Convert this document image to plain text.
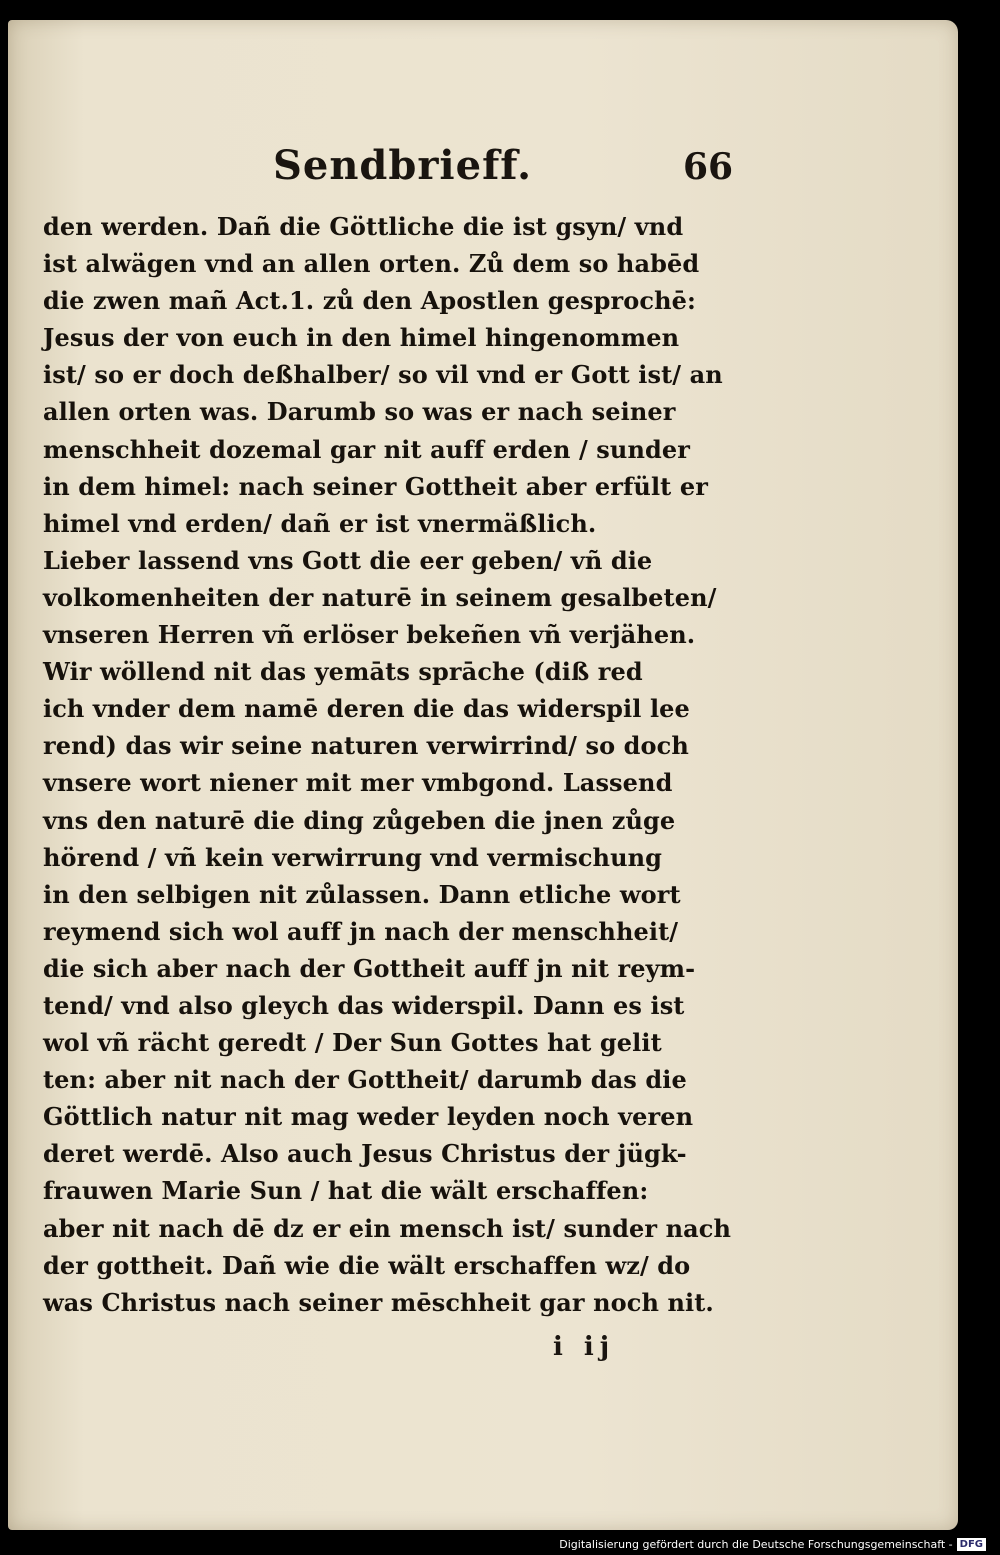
Sendbrieff.	66
den werden. Dañ die Göttliche die ist gsyn/ vnd
ist alwägen vnd an allen orten. Zů dem so habēd
die zwen mañ Act.1. zů den Apostlen gesprochē:
Jesus der von euch in den himel hingenommen
ist/ so er doch deßhalber/ so vil vnd er Gott ist/ an
allen orten was. Darumb so was er nach seiner
menschheit dozemal gar nit auff erden / sunder
in dem himel: nach seiner Gottheit aber erfült er
himel vnd erden/ dañ er ist vnermäßlich.
Lieber lassend vns Gott die eer geben/ vñ die
volkomenheiten der naturē in seinem gesalbeten/
vnseren Herren vñ erlöser bekeñen vñ verjähen.
Wir wöllend nit das yemāts sprāche (diß red
ich vnder dem namē deren die das widerspil lee
rend) das wir seine naturen verwirrind/ so doch
vnsere wort niener mit mer vmbgond. Lassend
vns den naturē die ding zůgeben die jnen zůge
hörend / vñ kein verwirrung vnd vermischung
in den selbigen nit zůlassen. Dann etliche wort
reymend sich wol auff jn nach der menschheit/
die sich aber nach der Gottheit auff jn nit reym-
tend/ vnd also gleych das widerspil. Dann es ist
wol vñ rächt geredt / Der Sun Gottes hat gelit
ten: aber nit nach der Gottheit/ darumb das die
Göttlich natur nit mag weder leyden noch veren
deret werdē. Also auch Jesus Christus der jügk-
frauwen Marie Sun / hat die wält erschaffen:
aber nit nach dē dz er ein mensch ist/ sunder nach
der gottheit. Dañ wie die wält erschaffen wz/ do
was Christus nach seiner mēschheit gar noch nit.
i ij
Digitalisierung gefördert durch die Deutsche Forschungsgemeinschaft - DFG
